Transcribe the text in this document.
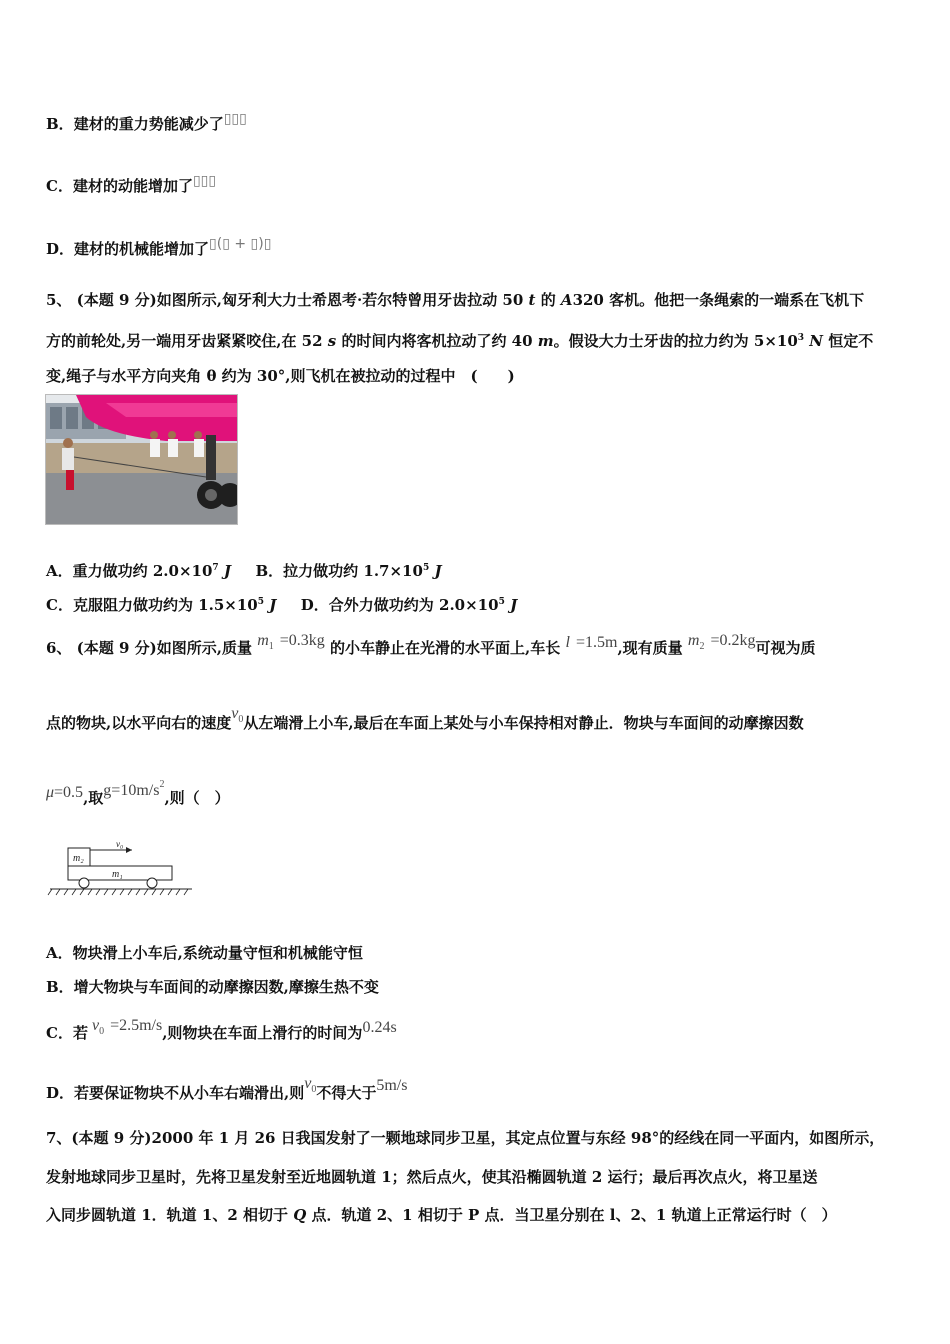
B．建材的重力势能减少了▯▯▯
C．建材的动能增加了▯▯▯
D．建材的机械能增加了▯(▯ + ▯)▯
5、 (本题 9 分)如图所示,匈牙利大力士希恩考·若尔特曾用牙齿拉动 50 t 的 A320 客机。他把一条绳索的一端系在飞机下
方的前轮处,另一端用牙齿紧紧咬住,在 52 s 的时间内将客机拉动了约 40 m。假设大力士牙齿的拉力约为 $5\times 10^3$ N 恒定不
变,绳子与水平方向夹角 θ 约为 30°,则飞机在被拉动的过程中　(　　)
A．重力做功约 $2.0\times 10^7$ J B．拉力做功约 $1.7\times 10^5$ J
C．克服阻力做功约为 $1.5\times 10^5$ J D．合外力做功约为 $2.0\times 10^5$ J
6、 (本题 9 分)如图所示,质量 $m^1 =0.3kg$ 的小车静止在光滑的水平面上,车长 l =1.5m,现有质量 $m^2 =0.2kg$可视为质
点的物块,以水平向右的速度$v^0$从左端滑上小车,最后在车面上某处与小车保持相对静止．物块与车面间的动摩擦因数
μ=0.5,取$g=10m/s^2$,则（　）
m₂
v₀
m₁
A．物块滑上小车后,系统动量守恒和机械能守恒
B．增大物块与车面间的动摩擦因数,摩擦生热不变
C．若 $v^0 =2.5m/s$,则物块在车面上滑行的时间为0.24s
D．若要保证物块不从小车右端滑出,则$v^0$不得大于5m/s
7、(本题 9 分)2000 年 1 月 26 日我国发射了一颗地球同步卫星，其定点位置与东经 98°的经线在同一平面内，如图所示，
发射地球同步卫星时，先将卫星发射至近地圆轨道 1；然后点火，使其沿椭圆轨道 2 运行；最后再次点火，将卫星送
入同步圆轨道 1．轨道 1、2 相切于 Q 点．轨道 2、1 相切于 P 点．当卫星分别在 l、2、1 轨道上正常运行时（　）
